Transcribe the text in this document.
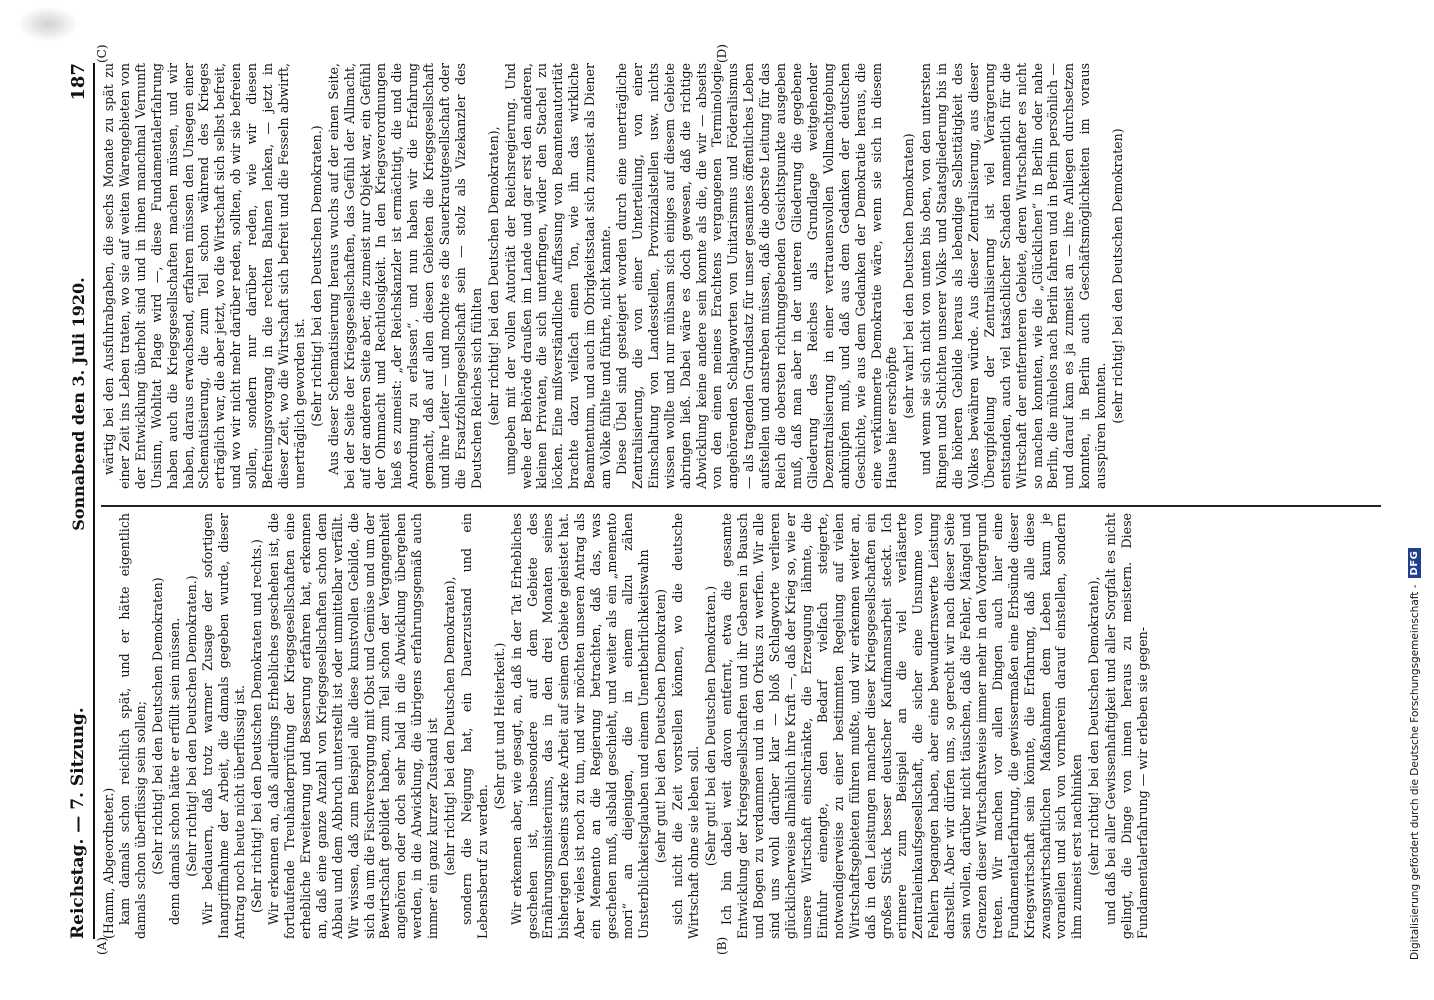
Reichstag. — 7. Sitzung.
Sonnabend den 3. Juli 1920.
187

(Hamm, Abgeordneter.) kam damals schon reichlich spät, und er hätte eigentlich damals schon überflüssig sein sollen; (Sehr richtig! bei den Deutschen Demokraten) denn damals schon hätte er erfüllt sein müssen. (Sehr richtig! bei den Deutschen Demokraten.) Wir bedauern, daß trotz warmer Zusage der sofortigen Inangriffnahme der Arbeit, die damals gegeben wurde, dieser Antrag noch heute nicht überflüssig ist. (Sehr richtig! bei den Deutschen Demokraten und rechts.) Wir erkennen an, daß allerdings Erhebliches geschehen ist, die fortlaufende Treuhänderprüfung der Kriegsgesellschaften eine erhebliche Erweiterung und Besserung erfahren hat, erkennen an, daß eine ganze Anzahl von Kriegsgesellschaften schon dem Abbau und dem Abbruch unterstellt ist oder unmittelbar verfällt. Wir wissen, daß zum Beispiel alle diese kunstvollen Gebilde, die sich da um die Fischversorgung mit Obst und Gemüse und um der Bewirtschaft gebildet haben, zum Teil schon der Vergangenheit angehören oder doch sehr bald in die Abwicklung übergehen werden, in die Abwicklung, die übrigens erfahrungsgemäß auch immer ein ganz kurzer Zustand ist (sehr richtig! bei den Deutschen Demokraten), sondern die Neigung hat, ein Dauerzustand und ein Lebensberuf zu werden.

(Sehr gut und Heiterkeit.) Wir erkennen aber, wie gesagt, an, daß in der Tat Erhebliches geschehen ist, insbesondere auf dem Gebiete des Ernährungsministeriums, das in den drei Monaten seines bisherigen Daseins starke Arbeit auf seinem Gebiete geleistet hat. Aber vieles ist noch zu tun, und wir möchten unseren Antrag als ein Memento an die Regierung betrachten, daß das, was geschehen muß, alsbald geschieht, und weiter als ein „memento mori“ an diejenigen, die in einem allzu zähen Unsterblichkeitsglauben und einem Unentbehrlichkeitswahn (sehr gut! bei den Deutschen Demokraten) sich nicht die Zeit vorstellen können, wo die deutsche Wirtschaft ohne sie leben soll. (Sehr gut! bei den Deutschen Demokraten.) Ich bin dabei weit davon entfernt, etwa die gesamte Entwicklung der Kriegsgesellschaften und ihr Gebaren in Bausch und Bogen zu verdammen und in den Orkus zu werfen. Wir alle sind uns wohl darüber klar — bloß Schlagworte verlieren glücklicherweise allmählich ihre Kraft —, daß der Krieg so, wie er unsere Wirtschaft einschränkte, die Erzeugung lähmte, die Einfuhr einengte, den Bedarf vielfach steigerte, notwendigerweise zu einer bestimmten Regelung auf vielen Wirtschaftsgebieten führen mußte, und wir erkennen weiter an, daß in den Leistungen mancher dieser Kriegsgesellschaften ein großes Stück besser deutscher Kaufmannsarbeit steckt. Ich erinnere zum Beispiel an die viel verlästerte Zentraleinkaufsgesellschaft, die sicher eine Unsumme von Fehlern begangen haben, aber eine bewundernswerte Leistung darstellt. Aber wir dürfen uns, so gerecht wir nach dieser Seite sein wollen, darüber nicht täuschen, daß die Fehler, Mängel und Grenzen dieser Wirtschaftsweise immer mehr in den Vordergrund treten. Wir machen vor allen Dingen auch hier eine Fundamentalerfahrung, die gewissermaßen eine Erbsünde dieser Kriegswirtschaft sein könnte, die Erfahrung, daß alle diese zwangswirtschaftlichen Maßnahmen dem Leben kaum je voraneilen und sich von vornherein darauf einstellen, sondern ihm zumeist erst nachhinken (sehr richtig! bei den Deutschen Demokraten), und daß bei aller Gewissenhaftigkeit und aller Sorgfalt es nicht gelingt, die Dinge von innen heraus zu meistern. Diese Fundamentalerfahrung — wir erleben sie gegen-

wärtig bei den Ausfuhrabgaben, die sechs Monate zu spät zu einer Zeit ins Leben traten, wo sie auf weiten Warengebieten von der Entwicklung überholt sind und in ihnen manchmal Vernunft Unsinn, Wohltat Plage wird —, diese Fundamentalerfahrung haben auch die Kriegsgesellschaften machen müssen, und wir haben, daraus erwachsend, erfahren müssen den Unsegen einer Schematisierung, die zum Teil schon während des Krieges erträglich war, die aber jetzt, wo die Wirtschaft sich selbst befreit, und wo wir nicht mehr darüber reden, sollten, ob wir sie befreien sollen, sondern nur darüber reden, wie wir diesen Befreiungsvorgang in die rechten Bahnen lenken, — jetzt in dieser Zeit, wo die Wirtschaft sich befreit und die Fesseln abwirft, unerträglich geworden ist. (Sehr richtig! bei den Deutschen Demokraten.) Aus dieser Schematisierung heraus wuchs auf der einen Seite, bei der Seite der Kriegsgesellschaften, das Gefühl der Allmacht, auf der anderen Seite aber, die zumeist nur Objekt war, ein Gefühl der Ohnmacht und Rechtlosigkeit. In den Kriegsverordnungen hieß es zumeist: „der Reichskanzler ist ermächtigt, die und die Anordnung zu erlassen“, und nun haben wir die Erfahrung gemacht, daß auf allen diesen Gebieten die Kriegsgesellschaft und ihre Leiter — und mochte es die Sauerkrautgesellschaft oder die Ersatzfohlengesellschaft sein — stolz als Vizekanzler des Deutschen Reiches sich fühlten (sehr richtig! bei den Deutschen Demokraten), umgeben mit der vollen Autorität der Reichsregierung. Und wehe der Behörde draußen im Lande und gar erst den anderen, kleinen Privaten, die sich unterfingen, wider den Stachel zu löcken. Eine mißverständliche Auffassung von Beamtenautorität brachte dazu vielfach einen Ton, wie ihn das wirkliche Beamtentum, und auch im Obrigkeitsstaat sich zumeist als Diener am Volke fühlte und führte, nicht kannte. Diese Übel sind gesteigert worden durch eine unerträgliche Zentralisierung, die von einer Unterteilung, von einer Einschaltung von Landesstellen, Provinzialstellen usw. nichts wissen wollte und nur mühsam sich einiges auf diesem Gebiete abringen ließ. Dabei wäre es doch gewesen, daß die richtige Abwicklung keine andere sein konnte als die, die wir — abseits von den einen meines Erachtens vergangenen Terminologie angehörenden Schlagworten von Unitarismus und Föderalismus — als tragenden Grundsatz für unser gesamtes öffentliches Leben aufstellen und anstreben müssen, daß die oberste Leitung für das Reich die obersten richtunggebenden Gesichtspunkte ausgeben muß, daß man aber in der unteren Gliederung die gegebene Gliederung des Reiches als Grundlage weitgehender Dezentralisierung in einer vertrauensvollen Vollmachtgebung anknüpfen muß, und daß aus dem Gedanken der deutschen Geschichte, wie aus dem Gedanken der Demokratie heraus, die eine verkümmerte Demokratie wäre, wenn sie sich in diesem Hause hier erschöpfte (sehr wahr! bei den Deutschen Demokraten) und wenn sie sich nicht von unten bis oben, von den untersten Ringen und Schichten unserer Volks- und Staatsgliederung bis in die höheren Gebilde heraus als lebendige Selbsttätigkeit des Volkes bewähren würde. Aus dieser Zentralisierung, aus dieser Übergipfelung der Zentralisierung ist viel Verärgerung entstanden, auch viel tatsächlicher Schaden namentlich für die Wirtschaft der entfernteren Gebiete, deren Wirtschafter es nicht so machen konnten, wie die „Glücklichen“ in Berlin oder nahe Berlin, die mühelos nach Berlin fahren und in Berlin persönlich — und darauf kam es ja zumeist an — ihre Anliegen durchsetzen konnten, in Berlin auch Geschäftsmöglichkeiten im voraus ausspüren konnten.

(sehr richtig! bei den Deutschen Demokraten)

(A)	(B)
(C)	(D)
Digitalisierung gefördert durch die Deutsche Forschungsgemeinschaft -
DFG
